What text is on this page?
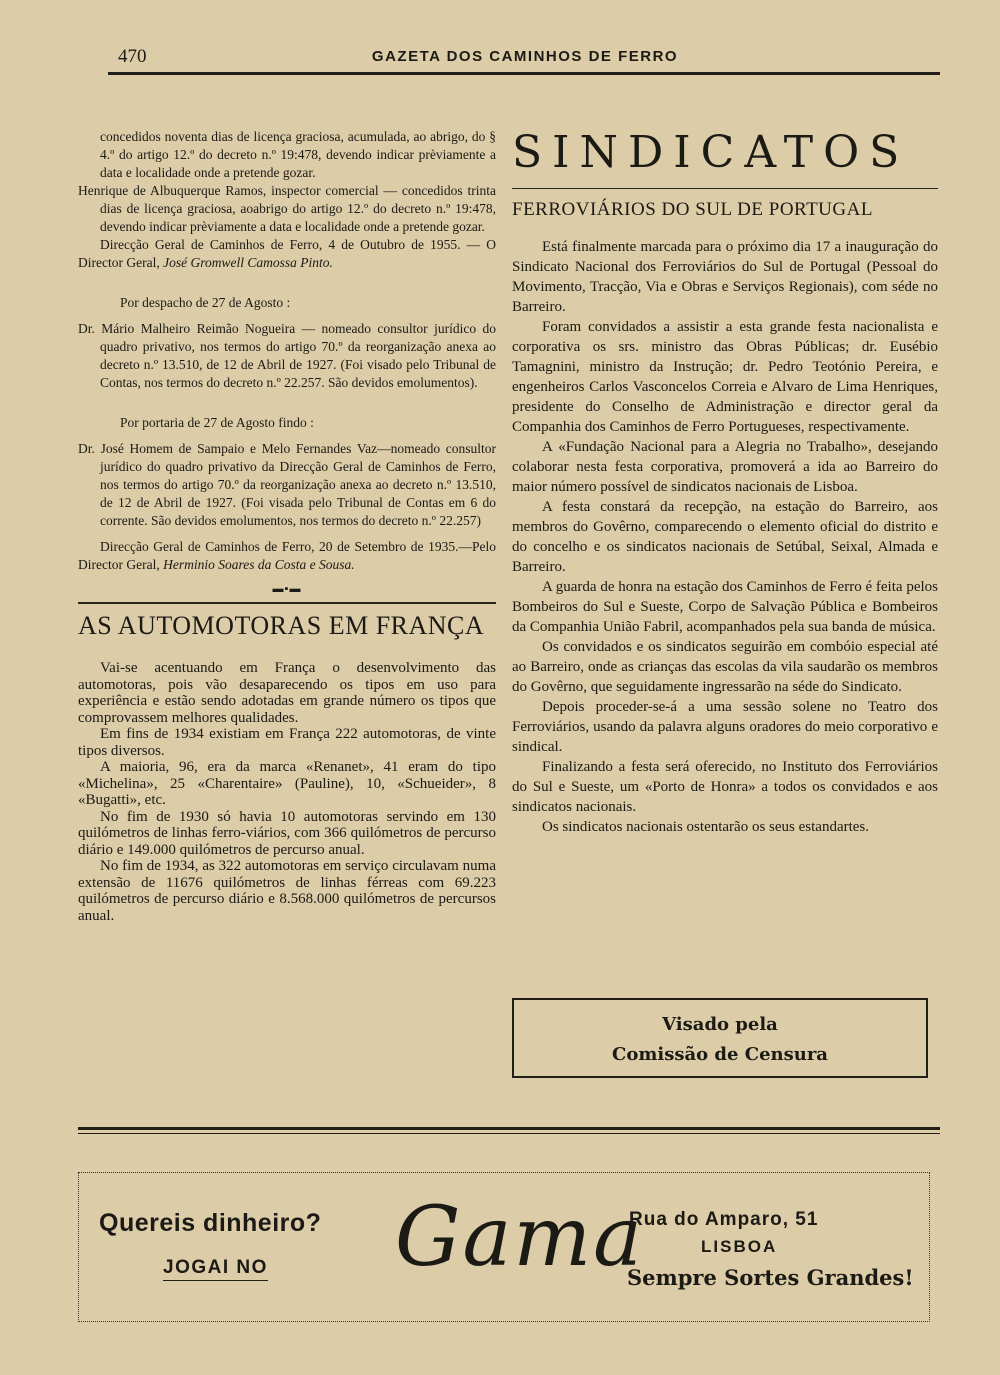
470	GAZETA DOS CAMINHOS DE FERRO

concedidos noventa dias de licença graciosa, acumulada, ao abrigo, do § 4.º do artigo 12.º do decreto n.º 19:478, devendo indicar prèviamente a data e localidade onde a pretende gozar.

Henrique de Albuquerque Ramos, inspector comercial — concedidos trinta dias de licença graciosa, aoabrigo do artigo 12.º do decreto n.º 19:478, devendo indicar prèviamente a data e localidade onde a pretende gozar.

Direcção Geral de Caminhos de Ferro, 4 de Outubro de 1955. — O Director Geral, José Gromwell Camossa Pinto.

Por despacho de 27 de Agosto :

Dr. Mário Malheiro Reimão Nogueira — nomeado consultor jurídico do quadro privativo, nos termos do artigo 70.º da reorganização anexa ao decreto n.º 13.510, de 12 de Abril de 1927. (Foi visado pelo Tribunal de Contas, nos termos do decreto n.º 22.257. São devidos emolumentos).

Por portaria de 27 de Agosto findo :

Dr. José Homem de Sampaio e Melo Fernandes Vaz—nomeado consultor jurídico do quadro privativo da Direcção Geral de Caminhos de Ferro, nos termos do artigo 70.º da reorganização anexa ao decreto n.º 13.510, de 12 de Abril de 1927. (Foi visada pelo Tribunal de Contas em 6 do corrente. São devidos emolumentos, nos termos do decreto n.º 22.257)

Direcção Geral de Caminhos de Ferro, 20 de Setembro de 1935.—Pelo Director Geral, Herminio Soares da Costa e Sousa.

▬▪▬
AS AUTOMOTORAS EM FRANÇA

Vai-se acentuando em França o desenvolvimento das automotoras, pois vão desaparecendo os tipos em uso para experiência e estão sendo adotadas em grande número os tipos que comprovassem melhores qualidades.

Em fins de 1934 existiam em França 222 automotoras, de vinte tipos diversos.

A maioria, 96, era da marca «Renanet», 41 eram do tipo «Michelina», 25 «Charentaire» (Pauline), 10, «Schueider», 8 «Bugatti», etc.

No fim de 1930 só havia 10 automotoras servindo em 130 quilómetros de linhas ferro-viários, com 366 quilómetros de percurso diário e 149.000 quilómetros de percurso anual.

No fim de 1934, as 322 automotoras em serviço circulavam numa extensão de 11676 quilómetros de linhas férreas com 69.223 quilómetros de percurso diário e 8.568.000 quilómetros de percursos anual.

SINDICATOS
FERROVIÁRIOS DO SUL DE PORTUGAL

Está finalmente marcada para o próximo dia 17 a inauguração do Sindicato Nacional dos Ferroviários do Sul de Portugal (Pessoal do Movimento, Tracção, Via e Obras e Serviços Regionais), com séde no Barreiro.

Foram convidados a assistir a esta grande festa nacionalista e corporativa os srs. ministro das Obras Públicas; dr. Eusébio Tamagnini, ministro da Instrução; dr. Pedro Teotónio Pereira, e engenheiros Carlos Vasconcelos Correia e Alvaro de Lima Henriques, presidente do Conselho de Administração e director geral da Companhia dos Caminhos de Ferro Portugueses, respectivamente.

A «Fundação Nacional para a Alegria no Trabalho», desejando colaborar nesta festa corporativa, promoverá a ida ao Barreiro do maior número possível de sindicatos nacionais de Lisboa.

A festa constará da recepção, na estação do Barreiro, aos membros do Govêrno, comparecendo o elemento oficial do distrito e do concelho e os sindicatos nacionais de Setúbal, Seixal, Almada e Barreiro.

A guarda de honra na estação dos Caminhos de Ferro é feita pelos Bombeiros do Sul e Sueste, Corpo de Salvação Pública e Bombeiros da Companhia União Fabril, acompanhados pela sua banda de música.

Os convidados e os sindicatos seguirão em combóio especial até ao Barreiro, onde as crianças das escolas da vila saudarão os membros do Govêrno, que seguidamente ingressarão na séde do Sindicato.

Depois proceder-se-á a uma sessão solene no Teatro dos Ferroviários, usando da palavra alguns oradores do meio corporativo e sindical.

Finalizando a festa será oferecido, no Instituto dos Ferroviários do Sul e Sueste, um «Porto de Honra» a todos os convidados e aos sindicatos nacionais.

Os sindicatos nacionais ostentarão os seus estandartes.

Visado pela
Comissão de Censura
Quereis dinheiro?
JOGAI NO Gama
Rua do Amparo, 51
LISBOA
Sempre Sortes Grandes!
